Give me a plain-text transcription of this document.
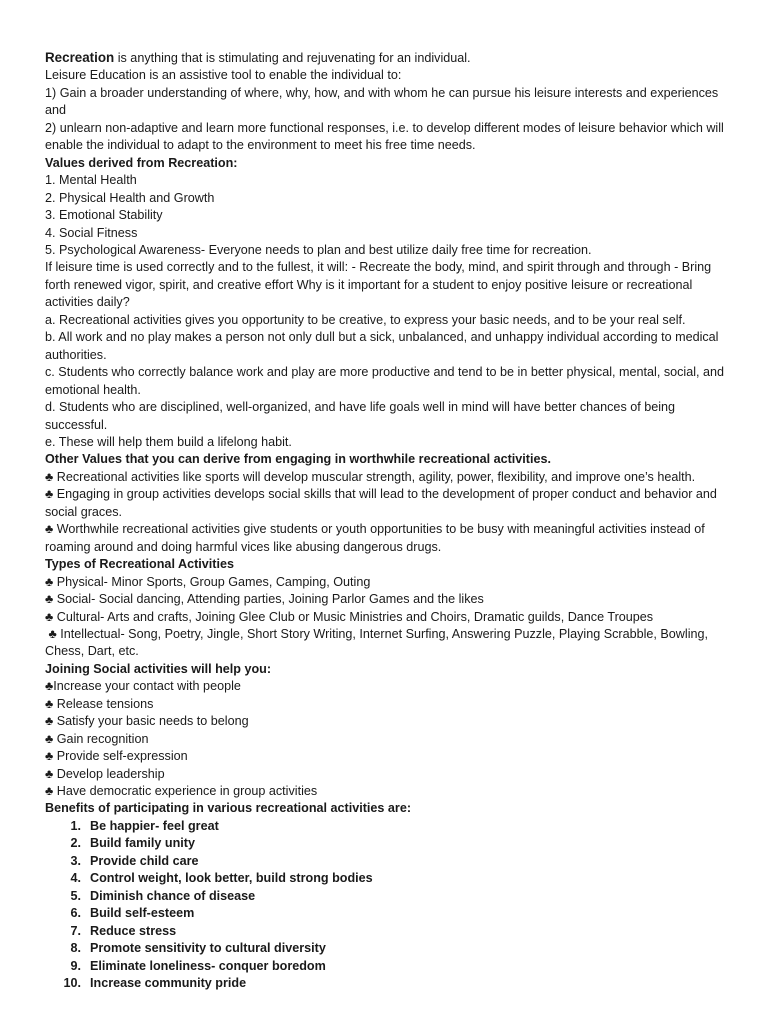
Recreation is anything that is stimulating and rejuvenating for an individual.
Leisure Education is an assistive tool to enable the individual to:
1) Gain a broader understanding of where, why, how, and with whom he can pursue his leisure interests and experiences and
2) unlearn non-adaptive and learn more functional responses, i.e. to develop different modes of leisure behavior which will enable the individual to adapt to the environment to meet his free time needs.
Values derived from Recreation:
1. Mental Health
2. Physical Health and Growth
3. Emotional Stability
4. Social Fitness
5. Psychological Awareness- Everyone needs to plan and best utilize daily free time for recreation.
If leisure time is used correctly and to the fullest, it will: - Recreate the body, mind, and spirit through and through - Bring forth renewed vigor, spirit, and creative effort Why is it important for a student to enjoy positive leisure or recreational activities daily?
a. Recreational activities gives you opportunity to be creative, to express your basic needs, and to be your real self.
b. All work and no play makes a person not only dull but a sick, unbalanced, and unhappy individual according to medical authorities.
c. Students who correctly balance work and play are more productive and tend to be in better physical, mental, social, and emotional health.
d. Students who are disciplined, well-organized, and have life goals well in mind will have better chances of being successful.
e. These will help them build a lifelong habit.
Other Values that you can derive from engaging in worthwhile recreational activities.
♣ Recreational activities like sports will develop muscular strength, agility, power, flexibility, and improve one’s health.
♣ Engaging in group activities develops social skills that will lead to the development of proper conduct and behavior and social graces.
♣ Worthwhile recreational activities give students or youth opportunities to be busy with meaningful activities instead of roaming around and doing harmful vices like abusing dangerous drugs.
Types of Recreational Activities
♣ Physical- Minor Sports, Group Games, Camping, Outing
♣ Social- Social dancing, Attending parties, Joining Parlor Games and the likes
♣ Cultural- Arts and crafts, Joining Glee Club or Music Ministries and Choirs, Dramatic guilds, Dance Troupes
♣ Intellectual- Song, Poetry, Jingle, Short Story Writing, Internet Surfing, Answering Puzzle, Playing Scrabble, Bowling, Chess, Dart, etc.
Joining Social activities will help you:
♣Increase your contact with people
♣ Release tensions
♣ Satisfy your basic needs to belong
♣ Gain recognition
♣ Provide self-expression
♣ Develop leadership
♣ Have democratic experience in group activities
Benefits of participating in various recreational activities are:
1. Be happier- feel great
2. Build family unity
3. Provide child care
4. Control weight, look better, build strong bodies
5. Diminish chance of disease
6. Build self-esteem
7. Reduce stress
8. Promote sensitivity to cultural diversity
9. Eliminate loneliness- conquer boredom
10. Increase community pride
